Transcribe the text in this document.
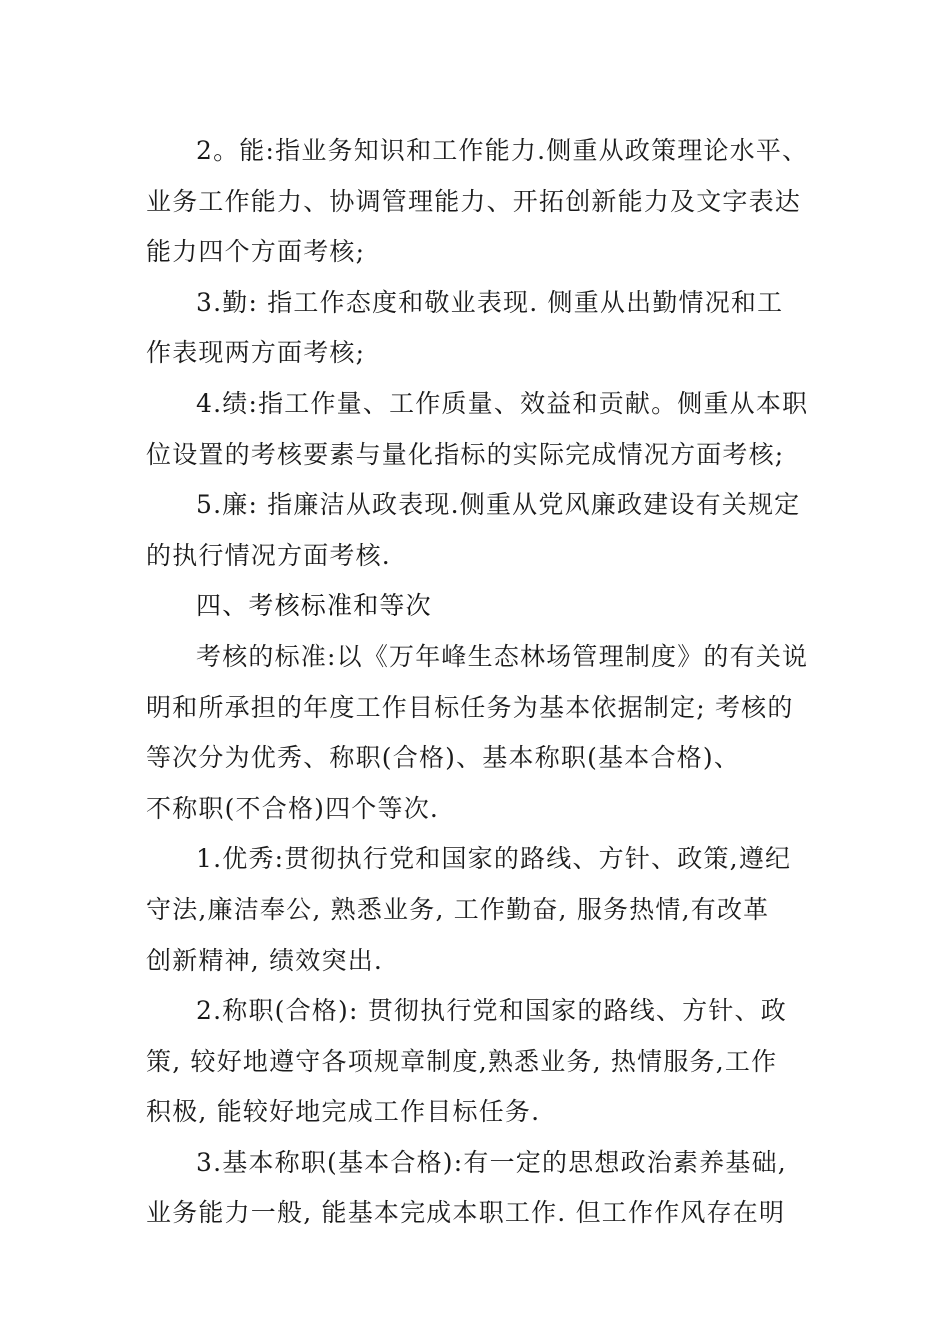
2。能:指业务知识和工作能力.侧重从政策理论水平、
业务工作能力、协调管理能力、开拓创新能力及文字表达
能力四个方面考核;
3.勤: 指工作态度和敬业表现. 侧重从出勤情况和工
作表现两方面考核;
4.绩:指工作量、工作质量、效益和贡献。侧重从本职
位设置的考核要素与量化指标的实际完成情况方面考核;
5.廉: 指廉洁从政表现.侧重从党风廉政建设有关规定
的执行情况方面考核.
四、考核标准和等次
考核的标准:以《万年峰生态林场管理制度》的有关说
明和所承担的年度工作目标任务为基本依据制定; 考核的
等次分为优秀、称职(合格)、基本称职(基本合格)、
不称职(不合格)四个等次.
1.优秀:贯彻执行党和国家的路线、方针、政策,遵纪
守法,廉洁奉公, 熟悉业务, 工作勤奋, 服务热情,有改革
创新精神, 绩效突出.
2.称职(合格): 贯彻执行党和国家的路线、方针、政
策, 较好地遵守各项规章制度,熟悉业务, 热情服务,工作
积极, 能较好地完成工作目标任务.
3.基本称职(基本合格):有一定的思想政治素养基础,
业务能力一般, 能基本完成本职工作. 但工作作风存在明
